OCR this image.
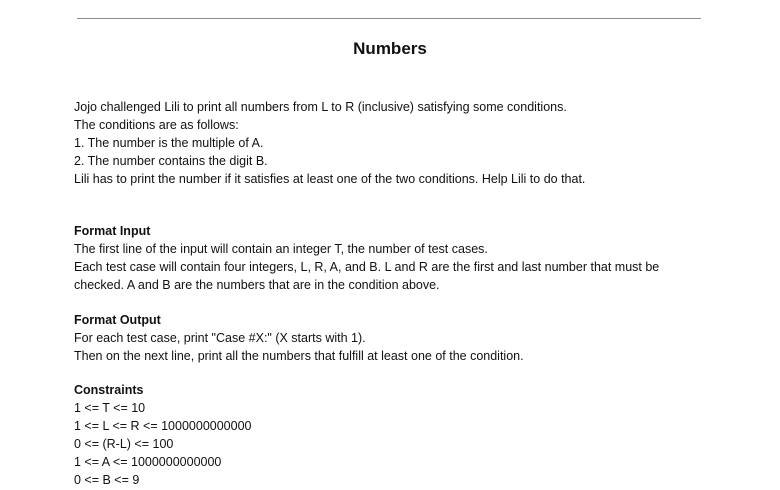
Numbers
Jojo challenged Lili to print all numbers from L to R (inclusive) satisfying some conditions.
The conditions are as follows:
1. The number is the multiple of A.
2. The number contains the digit B.
Lili has to print the number if it satisfies at least one of the two conditions. Help Lili to do that.
Format Input
The first line of the input will contain an integer T, the number of test cases.
Each test case will contain four integers, L, R, A, and B. L and R are the first and last number that must be
checked. A and B are the numbers that are in the condition above.
Format Output
For each test case, print "Case #X:" (X starts with 1).
Then on the next line, print all the numbers that fulfill at least one of the condition.
Constraints
1 <= T <= 10
1 <= L <= R <= 1000000000000
0 <= (R-L) <= 100
1 <= A <= 1000000000000
0 <= B <= 9
